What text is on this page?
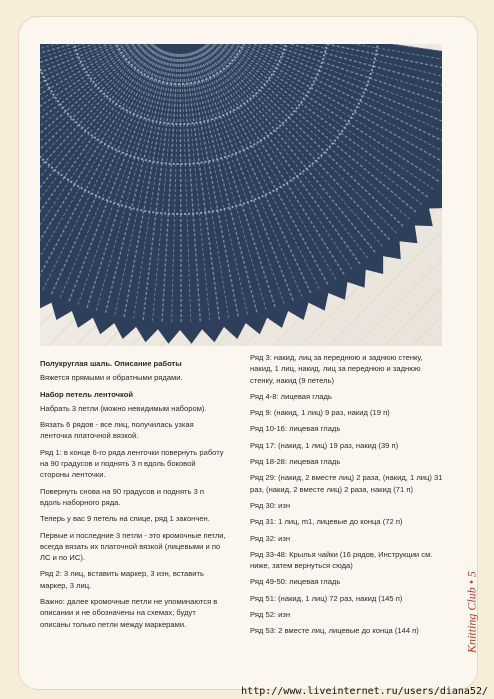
Полукруглая шаль. Описание работы

Вяжется прямыми и обратными рядами.

Набор петель ленточкой

Набрать 3 петли (можно невидимым набором).

Вязать 6 рядов - все лиц, получилась узкая ленточка платочной вязкой.

Ряд 1: в конце 6-го ряда ленточки повернуть работу на 90 градусов и поднять 3 п вдоль боковой стороны ленточки.

Повернуть снова на 90 градусов и поднять 3 п вдоль наборного ряда.

Теперь у вас 9 петель на спице, ряд 1 закончен.

Первые и последние 3 петли - это кромочные петли, всегда вязать их платочной вязкой (лицевыми и по ЛС и по ИС).

Ряд 2: 3 лиц, вставить маркер, 3 изн, вставить маркер, 3 лиц.

Важно: далее кромочные петли не упоминаются в описании и не обозначены на схемах; будут описаны только петли между маркерами.

Ряд 3: накид, лиц за переднюю и заднюю стенку, накид, 1 лиц, накид, лиц за переднюю и заднюю стенку, накид (9 петель)

Ряд 4-8: лицевая гладь

Ряд 9: (накид, 1 лиц) 9 раз, накид (19 п)

Ряд 10-16: лицевая гладь

Ряд 17: (накид, 1 лиц) 19 раз, накид (39 п)

Ряд 18-28: лицевая гладь

Ряд 29: (накид, 2 вместе лиц) 2 раза, (накид, 1 лиц) 31 раз, (накид, 2 вместе лиц) 2 раза, накид (71 п)

Ряд 30: изн

Ряд 31: 1 лиц, m1, лицевые до конца (72 п)

Ряд 32: изн

Ряд 33-48: Крылья чайки (16 рядов, Инструкции см. ниже, затем вернуться сюда)

Ряд 49-50: лицевая гладь

Ряд 51: (накид, 1 лиц) 72 раз, накид (145 п)

Ряд 52: изн

Ряд 53: 2 вместе лиц, лицевые до конца (144 п)	Knitting Club • 5
http://www.liveinternet.ru/users/diana52/
